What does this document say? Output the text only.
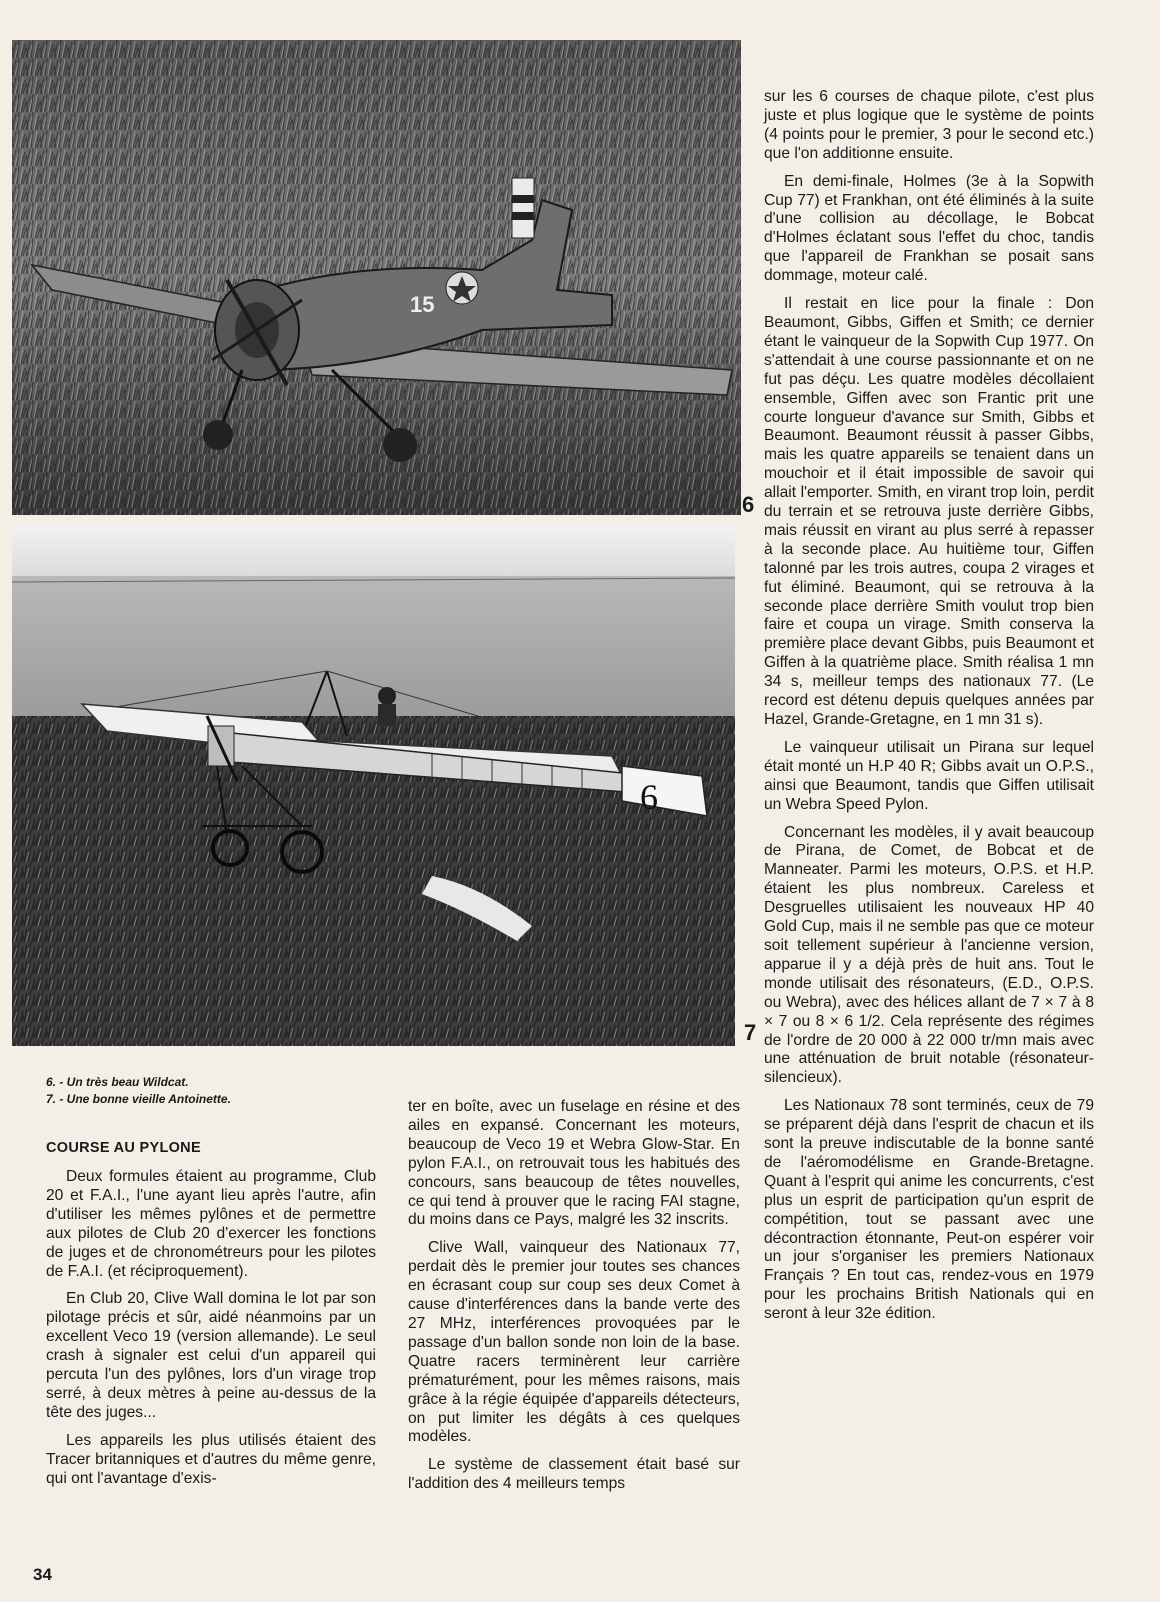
15
6
6
7
6. - Un très beau Wildcat.
7. - Une bonne vieille Antoinette.
COURSE AU PYLONE

Deux formules étaient au programme, Club 20 et F.A.I., l'une ayant lieu après l'autre, afin d'utiliser les mêmes pylônes et de permettre aux pilotes de Club 20 d'exercer les fonctions de juges et de chronométreurs pour les pilotes de F.A.I. (et réciproquement).

En Club 20, Clive Wall domina le lot par son pilotage précis et sûr, aidé néanmoins par un excellent Veco 19 (version allemande). Le seul crash à signaler est celui d'un appareil qui percuta l'un des pylônes, lors d'un virage trop serré, à deux mètres à peine au-dessus de la tête des juges...

Les appareils les plus utilisés étaient des Tracer britanniques et d'autres du même genre, qui ont l'avantage d'exis-

ter en boîte, avec un fuselage en résine et des ailes en expansé. Concernant les moteurs, beaucoup de Veco 19 et Webra Glow-Star. En pylon F.A.I., on retrouvait tous les habitués des concours, sans beaucoup de têtes nouvelles, ce qui tend à prouver que le racing FAI stagne, du moins dans ce Pays, malgré les 32 inscrits.

Clive Wall, vainqueur des Nationaux 77, perdait dès le premier jour toutes ses chances en écrasant coup sur coup ses deux Comet à cause d'interférences dans la bande verte des 27 MHz, interférences provoquées par le passage d'un ballon sonde non loin de la base. Quatre racers terminèrent leur carrière prématurément, pour les mêmes raisons, mais grâce à la régie équipée d'appareils détecteurs, on put limiter les dégâts à ces quelques modèles.

Le système de classement était basé sur l'addition des 4 meilleurs temps

sur les 6 courses de chaque pilote, c'est plus juste et plus logique que le système de points (4 points pour le premier, 3 pour le second etc.) que l'on additionne ensuite.

En demi-finale, Holmes (3e à la Sopwith Cup 77) et Frankhan, ont été éliminés à la suite d'une collision au décollage, le Bobcat d'Holmes éclatant sous l'effet du choc, tandis que l'appareil de Frankhan se posait sans dommage, moteur calé.

Il restait en lice pour la finale : Don Beaumont, Gibbs, Giffen et Smith; ce dernier étant le vainqueur de la Sopwith Cup 1977. On s'attendait à une course passionnante et on ne fut pas déçu. Les quatre modèles décollaient ensemble, Giffen avec son Frantic prit une courte longueur d'avance sur Smith, Gibbs et Beaumont. Beaumont réussit à passer Gibbs, mais les quatre appareils se tenaient dans un mouchoir et il était impossible de savoir qui allait l'emporter. Smith, en virant trop loin, perdit du terrain et se retrouva juste derrière Gibbs, mais réussit en virant au plus serré à repasser à la seconde place. Au huitième tour, Giffen talonné par les trois autres, coupa 2 virages et fut éliminé. Beaumont, qui se retrouva à la seconde place derrière Smith voulut trop bien faire et coupa un virage. Smith conserva la première place devant Gibbs, puis Beaumont et Giffen à la quatrième place. Smith réalisa 1 mn 34 s, meilleur temps des nationaux 77. (Le record est détenu depuis quelques années par Hazel, Grande-Gretagne, en 1 mn 31 s).

Le vainqueur utilisait un Pirana sur lequel était monté un H.P 40 R; Gibbs avait un O.P.S., ainsi que Beaumont, tandis que Giffen utilisait un Webra Speed Pylon.

Concernant les modèles, il y avait beaucoup de Pirana, de Comet, de Bobcat et de Manneater. Parmi les moteurs, O.P.S. et H.P. étaient les plus nombreux. Careless et Desgruelles utilisaient les nouveaux HP 40 Gold Cup, mais il ne semble pas que ce moteur soit tellement supérieur à l'ancienne version, apparue il y a déjà près de huit ans. Tout le monde utilisait des résonateurs, (E.D., O.P.S. ou Webra), avec des hélices allant de 7 × 7 à 8 × 7 ou 8 × 6 1/2. Cela représente des régimes de l'ordre de 20 000 à 22 000 tr/mn mais avec une atténuation de bruit notable (résonateur-silencieux).

Les Nationaux 78 sont terminés, ceux de 79 se préparent déjà dans l'esprit de chacun et ils sont la preuve indiscutable de la bonne santé de l'aéromodélisme en Grande-Bretagne. Quant à l'esprit qui anime les concurrents, c'est plus un esprit de participation qu'un esprit de compétition, tout se passant avec une décontraction étonnante, Peut-on espérer voir un jour s'organiser les premiers Nationaux Français ? En tout cas, rendez-vous en 1979 pour les prochains British Nationals qui en seront à leur 32e édition.

34
